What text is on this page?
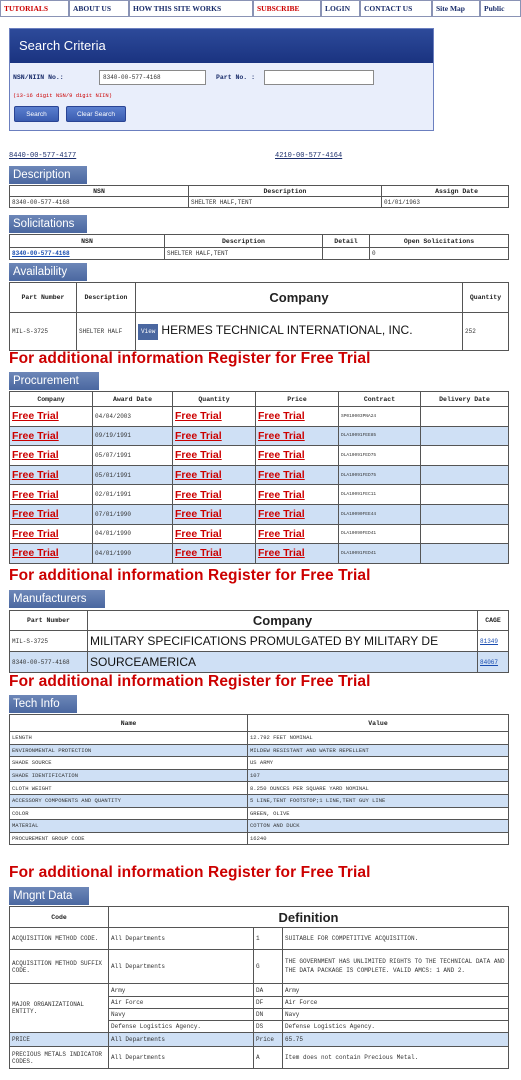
TUTORIALS	ABOUT US	HOW THIS SITE WORKS	SUBSCRIBE	LOGIN	CONTACT US	Site Map	Public
Search Criteria
NSN/NIIN No.:	8340-00-577-4168	Part No. :
(13-16 digit NSN/9 digit NIIN)
Search	Clear Search
8440-00-577-4177	4210-00-577-4164
Description
NSN	Description	Assign Date
8340-00-577-4168	SHELTER HALF,TENT	01/01/1963
Solicitations
NSN	Description	Detail	Open Solicitations
8340-00-577-4168	SHELTER HALF,TENT		0
Availability
Part Number	Description	Company	Quantity
MIL-S-3725	SHELTER HALF	View HERMES TECHNICAL INTERNATIONAL, INC.	252
For additional information Register for Free Trial
Procurement
Company	Award Date	Quantity	Price	Contract	Delivery Date
Free Trial	04/04/2003	Free Trial	Free Trial	SP010003PNA24	
Free Trial	09/19/1991	Free Trial	Free Trial	DLA10091FEE85	
Free Trial	05/07/1991	Free Trial	Free Trial	DLA10091FED75	
Free Trial	05/01/1991	Free Trial	Free Trial	DLA10091FED75	
Free Trial	02/01/1991	Free Trial	Free Trial	DLA10091FEC11	
Free Trial	07/01/1990	Free Trial	Free Trial	DLA10090FEE44	
Free Trial	04/01/1990	Free Trial	Free Trial	DLA10090FED41	
Free Trial	04/01/1990	Free Trial	Free Trial	DLA10091FED41	
For additional information Register for Free Trial
Manufacturers
Part Number	Company	CAGE
MIL-S-3725	MILITARY SPECIFICATIONS PROMULGATED BY MILITARY DE	81349
8340-00-577-4168	SOURCEAMERICA	84067
For additional information Register for Free Trial
Tech Info
Name	Value
LENGTH	12.792 FEET NOMINAL
ENVIRONMENTAL PROTECTION	MILDEW RESISTANT AND WATER REPELLENT
SHADE SOURCE	US ARMY
SHADE IDENTIFICATION	107
CLOTH WEIGHT	8.250 OUNCES PER SQUARE YARD NOMINAL
ACCESSORY COMPONENTS AND QUANTITY	5 LINE,TENT FOOTSTOP;1 LINE,TENT GUY LINE
COLOR	GREEN, OLIVE
MATERIAL	COTTON AND DUCK
PROCUREMENT GROUP CODE	16240
For additional information Register for Free Trial
Mngnt Data
Code	Definition		
ACQUISITION METHOD CODE.	All Departments	1	SUITABLE FOR COMPETITIVE ACQUISITION.
ACQUISITION METHOD SUFFIX CODE.	All Departments	G	THE GOVERNMENT HAS UNLIMITED RIGHTS TO THE TECHNICAL DATA AND THE DATA PACKAGE IS COMPLETE. VALID AMCS: 1 AND 2.
MAJOR ORGANIZATIONAL ENTITY.	Army	DA	Army
	Air Force	DF	Air Force
	Navy	DN	Navy
	Defense Logistics Agency.	DS	Defense Logistics Agency.
PRICE	All Departments	Price	65.75
PRECIOUS METALS INDICATOR CODES.	All Departments	A	Item does not contain Precious Metal.
